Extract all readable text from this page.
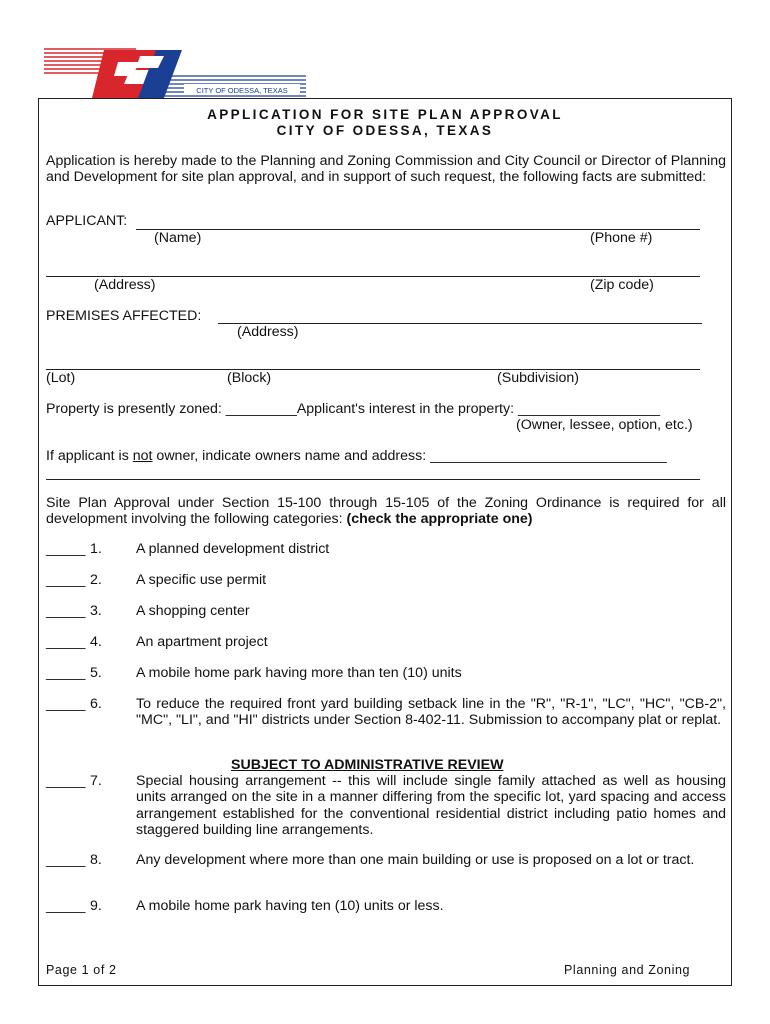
CITY OF ODESSA, TEXAS
APPLICATION FOR SITE PLAN APPROVAL
CITY OF ODESSA, TEXAS
Application is hereby made to the Planning and Zoning Commission and City Council or Director of Planning and Development for site plan approval, and in support of such request, the following facts are submitted:
APPLICANT:
(Name)	(Phone #)
(Address)	(Zip code)
PREMISES AFFECTED:
(Address)
(Lot)	(Block)	(Subdivision)
Property is presently zoned: _________Applicant's interest in the property: __________________
(Owner, lessee, option, etc.)
If applicant is not owner, indicate owners name and address: ______________________________
Site Plan Approval under Section 15-100 through 15-105 of the Zoning Ordinance is required for all development involving the following categories: (check the appropriate one)
_____ 1. A planned development district
_____ 2. A specific use permit
_____ 3. A shopping center
_____ 4. An apartment project
_____ 5. A mobile home park having more than ten (10) units
_____ 6. To reduce the required front yard building setback line in the "R", "R-1", "LC", "HC", "CB-2", "MC", "LI", and "HI" districts under Section 8-402-11. Submission to accompany plat or replat.
SUBJECT TO ADMINISTRATIVE REVIEW
_____ 7. Special housing arrangement -- this will include single family attached as well as housing units arranged on the site in a manner differing from the specific lot, yard spacing and access arrangement established for the conventional residential district including patio homes and staggered building line arrangements.
_____ 8. Any development where more than one main building or use is proposed on a lot or tract.
_____ 9. A mobile home park having ten (10) units or less.
Page 1 of 2	Planning and Zoning
